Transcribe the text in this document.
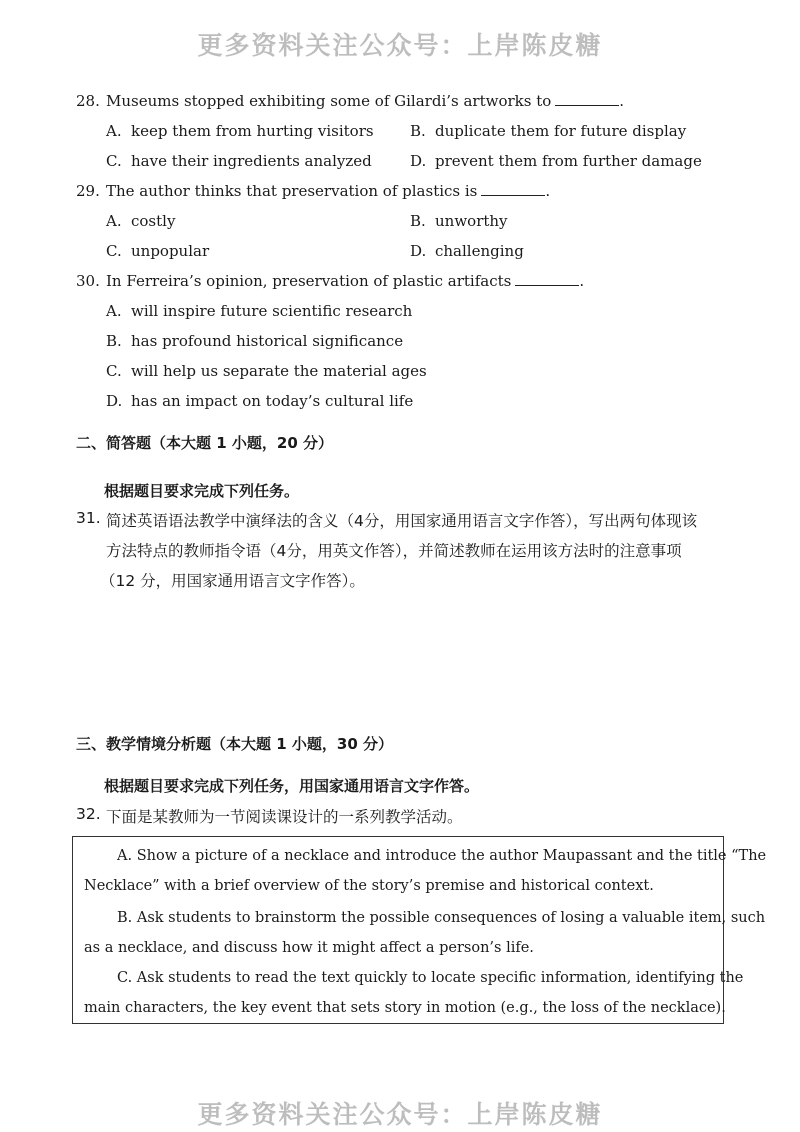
更多资料关注公众号：上岸陈皮糖
28. Museums stopped exhibiting some of Gilardi’s artworks to	.
A. keep them from hurting visitors B. duplicate them for future display
C. have their ingredients analyzed	D. prevent them from further damage
29. The author thinks that preservation of plastics is	.
A. costly	B. unworthy
C. unpopular	D. challenging
30. In Ferreira’s opinion, preservation of plastic artifacts	.
A. will inspire future scientific research
B. has profound historical significance
C. will help us separate the material ages
D. has an impact on today’s cultural life
二、简答题（本大题 1 小题，20 分）
根据题目要求完成下列任务。
31. 简述英语语法教学中演绎法的含义（4分，用国家通用语言文字作答），写出两句体现该
方法特点的教师指令语（4分，用英文作答），并简述教师在运用该方法时的注意事项
（12 分，用国家通用语言文字作答）。
三、教学情境分析题（本大题 1 小题，30 分）
根据题目要求完成下列任务，用国家通用语言文字作答。
32. 下面是某教师为一节阅读课设计的一系列教学活动。
A. Show a picture of a necklace and introduce the author Maupassant and the title “The
Necklace” with a brief overview of the story’s premise and historical context.
B. Ask students to brainstorm the possible consequences of losing a valuable item, such
as a necklace, and discuss how it might affect a person’s life.
C. Ask students to read the text quickly to locate specific information, identifying the
main characters, the key event that sets story in motion (e.g., the loss of the necklace).
更多资料关注公众号：上岸陈皮糖
